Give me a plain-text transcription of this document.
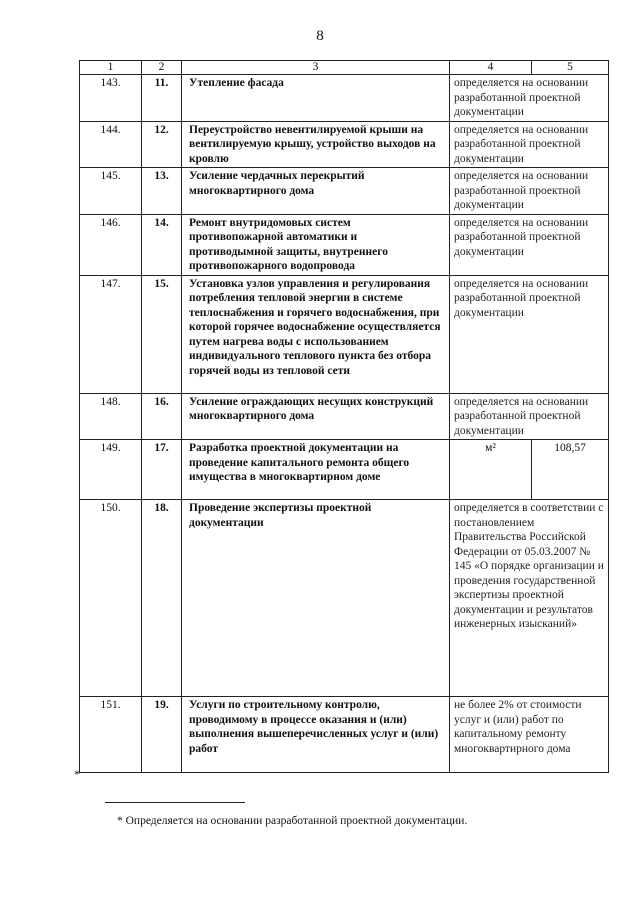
8
1	2	3	4	5
143.	11.	Утепление фасада	определяется на основании разработанной проектной документации	
144.	12.	Переустройство невентилируемой крыши на вентилируемую крышу, устройство выходов на кровлю	определяется на основании разработанной проектной документации	
145.	13.	Усиление чердачных перекрытий многоквартирного дома	определяется на основании разработанной проектной документации	
146.	14.	Ремонт внутридомовых систем противопожарной автоматики и противодымной защиты, внутреннего противопожарного водопровода	определяется на основании разработанной проектной документации	
147.	15.	Установка узлов управления и регулирования потребления тепловой энергии в системе теплоснабжения и горячего водоснабжения, при которой горячее водоснабжение осуществляется путем нагрева воды с использованием индивидуального теплового пункта без отбора горячей воды из тепловой сети	определяется на основании разработанной проектной документации	
148.	16.	Усиление ограждающих несущих конструкций многоквартирного дома	определяется на основании разработанной проектной документации	
149.	17.	Разработка проектной документации на проведение капитального ремонта общего имущества в многоквартирном доме	м²	108,57
150.	18.	Проведение экспертизы проектной документации	определяется в соответствии с постановлением Правительства Российской Федерации от 05.03.2007 № 145 «О порядке организации и проведения государственной экспертизы проектной документации и результатов инженерных изысканий»	
151.	19.	Услуги по строительному контролю, проводимому в процессе оказания и (или) выполнения вышеперечисленных услуг и (или) работ	не более 2% от стоимости услуг и (или) работ по капитальному ремонту многоквартирного дома	
*
* Определяется на основании разработанной проектной документации.
